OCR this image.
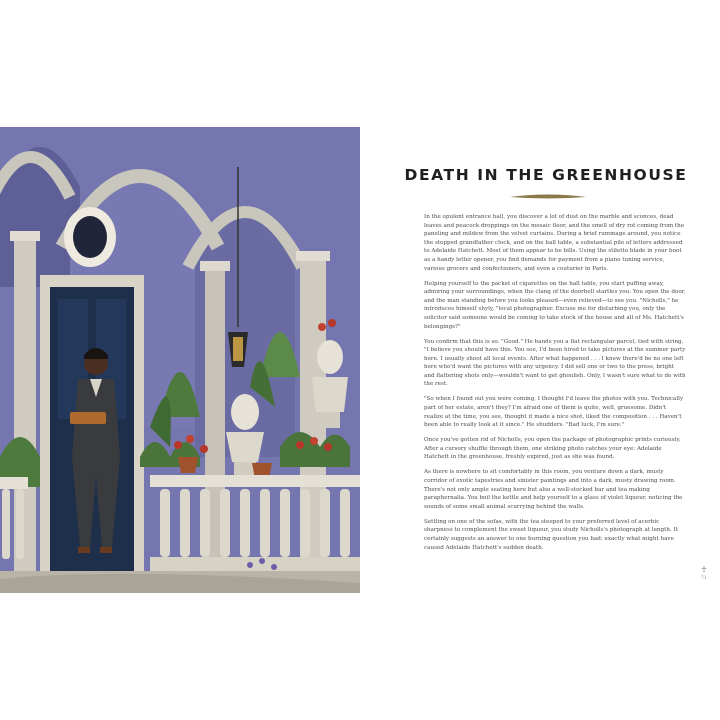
DEATH IN THE GREENHOUSE

In the opulent entrance hall, you discover a lot of dust on the marble and sconces, dead leaves and peacock droppings on the mosaic floor, and the smell of dry rot coming from the paneling and mildew from the velvet curtains. During a brief rummage around, you notice the stopped grandfather clock, and on the hall table, a substantial pile of letters addressed to Adelaide Hatchett. Most of them appear to be bills. Using the stiletto blade in your boot as a handy letter opener, you find demands for payment from a piano tuning service, various grocers and confectioners, and even a couturier in Paris.

Helping yourself to the packet of cigarettes on the hall table, you start puffing away, admiring your surroundings, when the clang of the doorbell startles you. You open the door, and the man standing before you looks pleased—even relieved—to see you. "Nicholls," he introduces himself shyly, "local photographer. Excuse me for disturbing you, only the solicitor said someone would be coming to take stock of the house and all of Ms. Hatchett's belongings?"

You confirm that this is so. "Good." He hands you a flat rectangular parcel, tied with string. "I believe you should have this. You see, I'd been hired to take pictures at the summer party here. I usually shoot all local events. After what happened . . . I knew there'd be no one left here who'd want the pictures with any urgency. I did sell one or two to the press, bright and flattering shots only—wouldn't want to get ghoulish. Only, I wasn't sure what to do with the rest.

"So when I found out you were coming, I thought I'd leave the photos with you. Technically part of her estate, aren't they? I'm afraid one of them is quite, well, gruesome. Didn't realize at the time, you see, thought it made a nice shot, liked the composition . . . Haven't been able to really look at it since." He shudders. "Bad luck, I'm sure."

Once you've gotten rid of Nicholls, you open the package of photographic prints curiously. After a cursory shuffle through them, one striking photo catches your eye: Adelaide Hatchett in the greenhouse, freshly expired, just as she was found.

As there is nowhere to sit comfortably in this room, you venture down a dark, musty corridor of exotic tapestries and sinister paintings and into a dark, musty drawing room. There's not only ample seating here but also a well-stocked bar and tea making paraphernalia. You boil the kettle and help yourself to a glass of violet liqueur, noticing the sounds of some small animal scurrying behind the walls.

Settling on one of the sofas, with the tea steeped to your preferred level of acerbic sharpness to complement the sweet liqueur, you study Nicholls's photograph at length. It certainly suggests an answer to one burning question you had: exactly what might have caused Adelaide Hatchett's sudden death.

☥
71
